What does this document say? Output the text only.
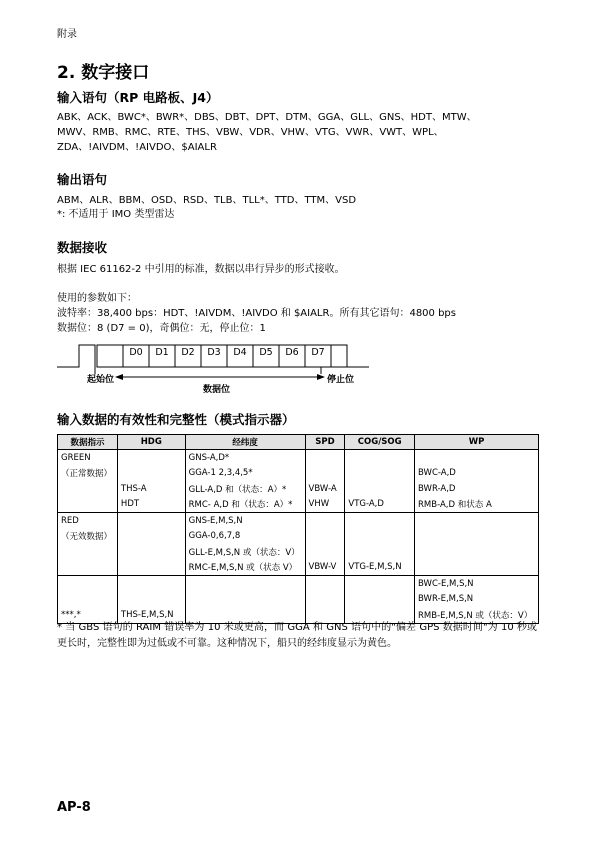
附录
2. 数字接口
输入语句（RP 电路板、J4）
ABK、ACK、BWC*、BWR*、DBS、DBT、DPT、DTM、GGA、GLL、GNS、HDT、MTW、
MWV、RMB、RMC、RTE、THS、VBW、VDR、VHW、VTG、VWR、VWT、WPL、
ZDA、!AIVDM、!AIVDO、$AIALR
输出语句
ABM、ALR、BBM、OSD、RSD、TLB、TLL*、TTD、TTM、VSD
*: 不适用于 IMO 类型雷达
数据接收
根据 IEC 61162-2 中引用的标准，数据以串行异步的形式接收。
使用的参数如下：
波特率：38,400 bps：HDT、!AIVDM、!AIVDO 和 $AIALR。所有其它语句：4800 bps
数据位：8 (D7 = 0)，奇偶位：无，停止位：1
D0	D1	D2	D3	D4	D5	D6	D7
起始位
数据位
停止位
输入数据的有效性和完整性（模式指示器）
数据指示	HDG	经纬度	SPD	COG/SOG	WP
GREEN		GNS-A,D*			
（正常数据）		GGA-1 2,3,4,5*			BWC-A,D
	THS-A	GLL-A,D 和（状态：A）*	VBW-A		BWR-A,D
	HDT	RMC- A,D 和（状态：A）*	VHW	VTG-A,D	RMB-A,D 和状态 A
RED		GNS-E,M,S,N			
（无效数据）		GGA-0,6,7,8			
		GLL-E,M,S,N 或（状态：V）			
		RMC-E,M,S,N 或（状态 V）	VBW-V	VTG-E,M,S,N	
					BWC-E,M,S,N
					BWR-E,M,S,N
***,*	THS-E,M,S,N				RMB-E,M,S,N 或（状态：V）
* 当 GBS 语句的 RAIM 错误率为 10 米或更高，而 GGA 和 GNS 语句中的"偏差 GPS 数据时间"为 10 秒或更长时，完整性即为过低或不可靠。这种情况下，船只的经纬度显示为黄色。
AP-8
